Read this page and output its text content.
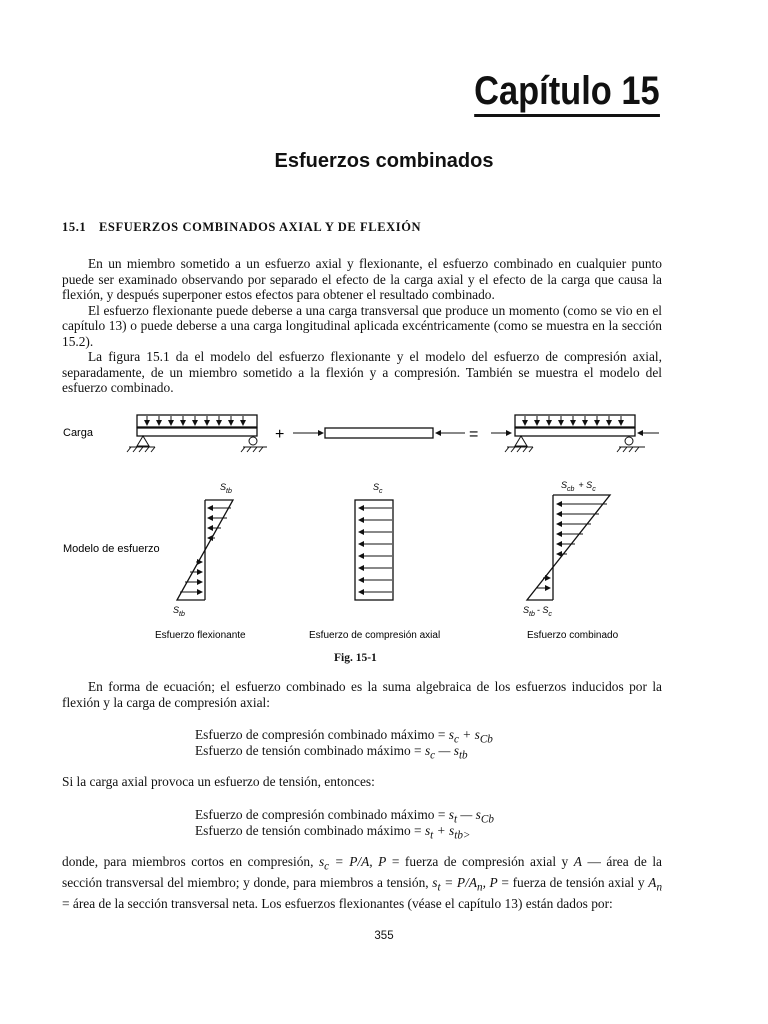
Capítulo 15
Esfuerzos combinados
15.1 ESFUERZOS COMBINADOS AXIAL Y DE FLEXIÓN

En un miembro sometido a un esfuerzo axial y flexionante, el esfuerzo combinado en cualquier punto puede ser examinado observando por separado el efecto de la carga axial y el efecto de la carga que causa la flexión, y después superponer estos efectos para obtener el resultado combinado.

El esfuerzo flexionante puede deberse a una carga transversal que produce un momento (como se vio en el capítulo 13) o puede deberse a una carga longitudinal aplicada excéntricamente (como se muestra en la sección 15.2).

La figura 15.1 da el modelo del esfuerzo flexionante y el modelo del esfuerzo de compresión axial, separadamente, de un miembro sometido a la flexión y a compresión. También se muestra el modelo del esfuerzo combinado.

Carga	+	=
Modelo de esfuerzo
$S_{tb}$
$S_{tb}$
Esfuerzo flexionante
$S_c$
Esfuerzo de compresión axial
$S_{cb} + S_c$
$S_{tb} - S_c$
Esfuerzo combinado
Fig. 15-1

En forma de ecuación; el esfuerzo combinado es la suma algebraica de los esfuerzos inducidos por la flexión y la carga de compresión axial:

Esfuerzo de compresión combinado máximo = $s_c + s_{Cb}$
Esfuerzo de tensión combinado máximo = $s_c$ — $s_{tb}$

Si la carga axial provoca un esfuerzo de tensión, entonces:

Esfuerzo de compresión combinado máximo = $s_t$ — $s_{Cb}$
Esfuerzo de tensión combinado máximo = $s_t + s_{tb>}$

donde, para miembros cortos en compresión, $s_c = P/A$, P = fuerza de compresión axial y A — área de la sección transversal del miembro; y donde, para miembros a tensión, $s_t = P/A_n$, P = fuerza de tensión axial y $A_n$ = área de la sección transversal neta. Los esfuerzos flexionantes (véase el capítulo 13) están dados por:

355
